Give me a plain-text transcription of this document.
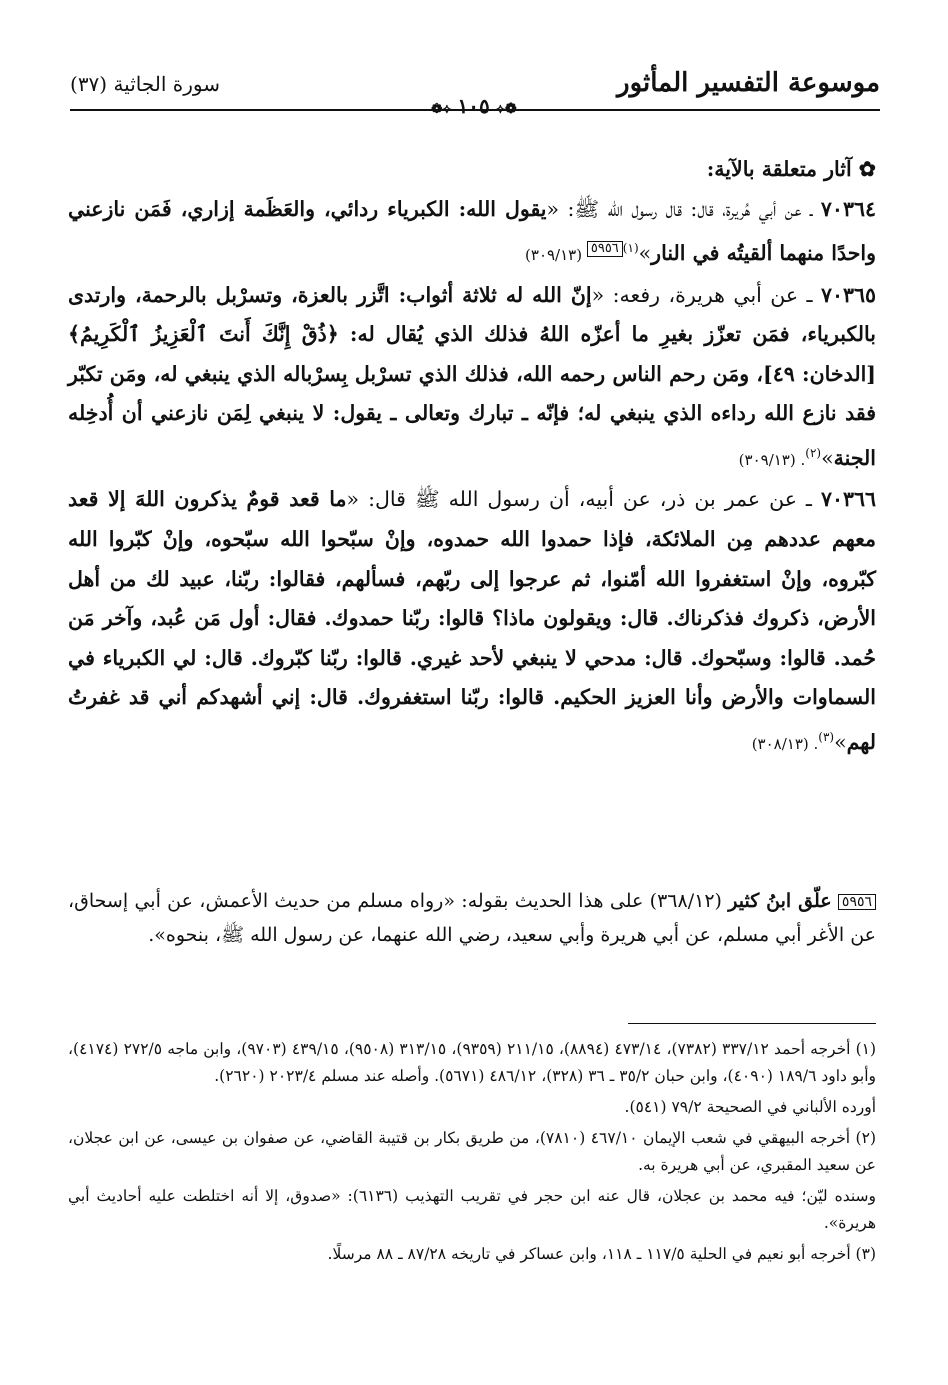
موسوعة التفسير المأثور
سورة الجاثية (٣٧)
❁⟡١٠٥⟡❁

✿ آثار متعلقة بالآية:

٧٠٣٦٤ ـ عن أبي هُريرة، قال: قال رسول الله ﷺ: «يقول الله: الكبرياء ردائي، والعَظَمة إزاري، فَمَن نازعني واحدًا منهما ألقيتُه في النار»$^{(١)}$٥٩٥٦ (٣٠٩/١٣)

٧٠٣٦٥ ـ عن أبي هريرة، رفعه: «إنّ الله له ثلاثة أثواب: اتَّزر بالعزة، وتسرْبل بالرحمة، وارتدى بالكبرياء، فمَن تعزّز بغيرِ ما أعزّه اللهُ فذلك الذي يُقال له: ﴿ذُقْ إِنَّكَ أَنتَ ٱلْعَزِيزُ ٱلْكَرِيمُ﴾ [الدخان: ٤٩]، ومَن رحم الناس رحمه الله، فذلك الذي تسرْبل بِسرْباله الذي ينبغي له، ومَن تكبّر فقد نازع الله رداءه الذي ينبغي له؛ فإنّه ـ تبارك وتعالى ـ يقول: لا ينبغي لِمَن نازعني أن أُدخِله الجنة»$^{(٢)}$. (٣٠٩/١٣)

٧٠٣٦٦ ـ عن عمر بن ذر، عن أبيه، أن رسول الله ﷺ قال: «ما قعد قومٌ يذكرون اللهَ إلا قعد معهم عددهم مِن الملائكة، فإذا حمدوا الله حمدوه، وإنْ سبّحوا الله سبّحوه، وإنْ كبّروا الله كبّروه، وإنْ استغفروا الله أمّنوا، ثم عرجوا إلى ربّهم، فسألهم، فقالوا: ربّنا، عبيد لك من أهل الأرض، ذكروك فذكرناك. قال: ويقولون ماذا؟ قالوا: ربّنا حمدوك. فقال: أول مَن عُبد، وآخر مَن حُمد. قالوا: وسبّحوك. قال: مدحي لا ينبغي لأحد غيري. قالوا: ربّنا كبّروك. قال: لي الكبرياء في السماوات والأرض وأنا العزيز الحكيم. قالوا: ربّنا استغفروك. قال: إني أشهدكم أني قد غفرتُ لهم»$^{(٣)}$. (٣٠٨/١٣)

٥٩٥٦ علّق ابنُ كثير (٣٦٨/١٢) على هذا الحديث بقوله: «رواه مسلم من حديث الأعمش، عن أبي إسحاق، عن الأغر أبي مسلم، عن أبي هريرة وأبي سعيد، رضي الله عنهما، عن رسول الله ﷺ، بنحوه».

(١) أخرجه أحمد ٣٣٧/١٢ (٧٣٨٢)، ٤٧٣/١٤ (٨٨٩٤)، ٢١١/١٥ (٩٣٥٩)، ٣١٣/١٥ (٩٥٠٨)، ٤٣٩/١٥ (٩٧٠٣)، وابن ماجه ٢٧٢/٥ (٤١٧٤)، وأبو داود ١٨٩/٦ (٤٠٩٠)، وابن حبان ٣٥/٢ ـ ٣٦ (٣٢٨)، ٤٨٦/١٢ (٥٦٧١). وأصله عند مسلم ٢٠٢٣/٤ (٢٦٢٠).

أورده الألباني في الصحيحة ٧٩/٢ (٥٤١).

(٢) أخرجه البيهقي في شعب الإيمان ٤٦٧/١٠ (٧٨١٠)، من طريق بكار بن قتيبة القاضي، عن صفوان بن عيسى، عن ابن عجلان، عن سعيد المقبري، عن أبي هريرة به.

وسنده ليّن؛ فيه محمد بن عجلان، قال عنه ابن حجر في تقريب التهذيب (٦١٣٦): «صدوق، إلا أنه اختلطت عليه أحاديث أبي هريرة».

(٣) أخرجه أبو نعيم في الحلية ١١٧/٥ ـ ١١٨، وابن عساكر في تاريخه ٨٧/٢٨ ـ ٨٨ مرسلًا.
